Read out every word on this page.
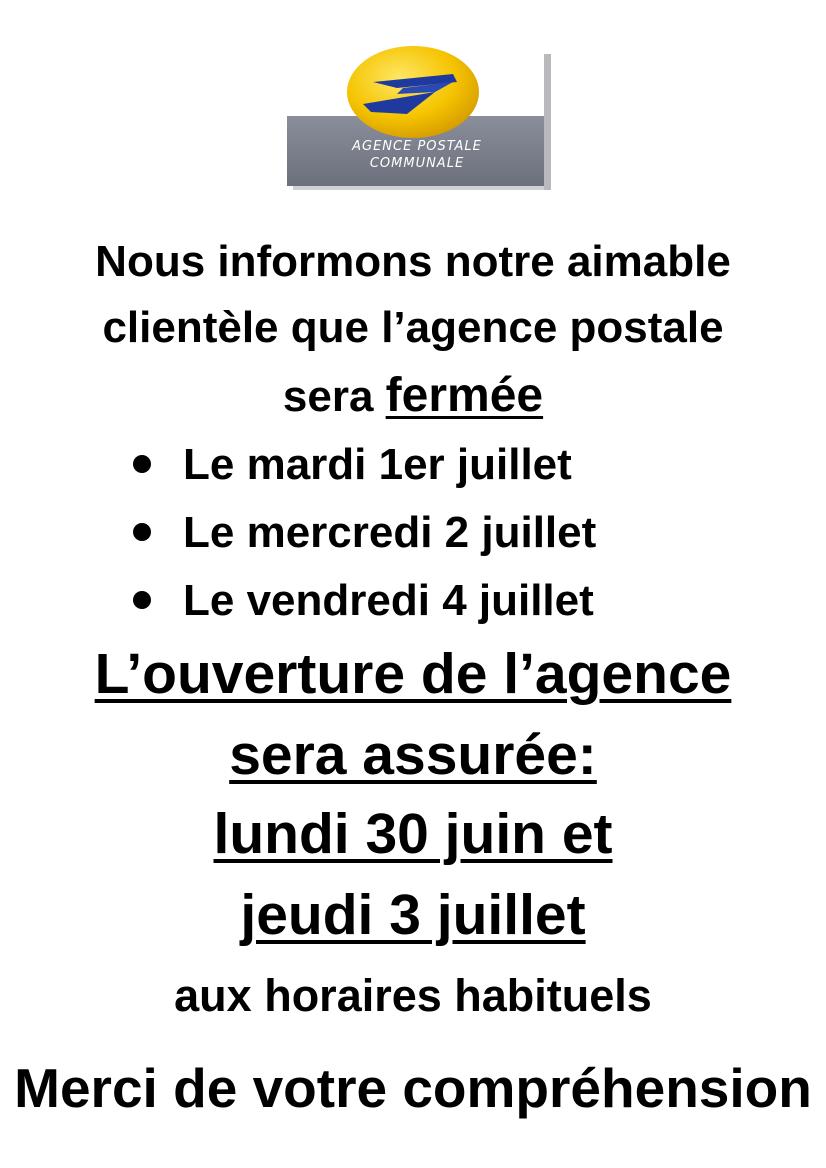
AGENCE POSTALE
COMMUNALE
Nous informons notre aimable
clientèle que l’agence postale
sera fermée
Le mardi 1er juillet
Le mercredi 2 juillet
Le vendredi 4 juillet
L’ouverture de l’agence
sera assurée:
lundi 30 juin et
jeudi 3 juillet
aux horaires habituels
Merci de votre compréhension
